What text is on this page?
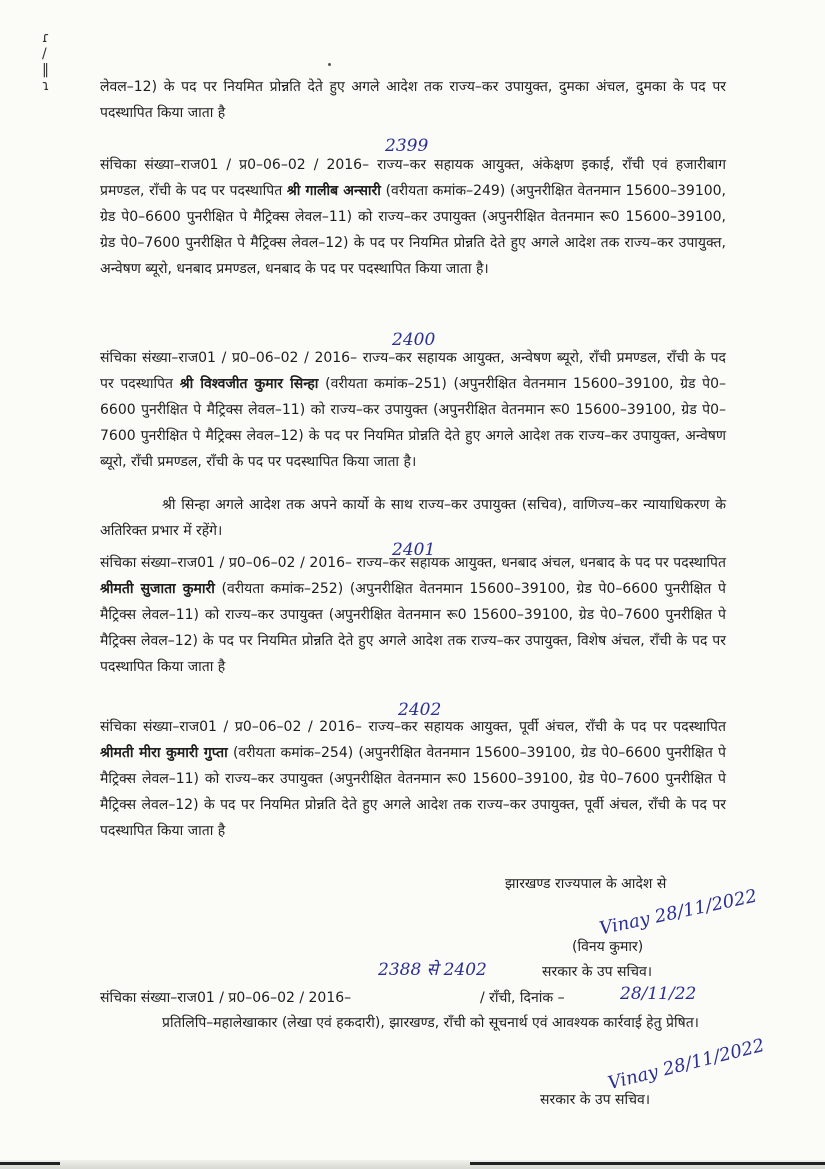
ɾ / ‖ ɿ	लेवल–12) के पद पर नियमित प्रोन्नति देते हुए अगले आदेश तक राज्य–कर उपायुक्त, दुमका अंचल, दुमका के पद पर पदस्थापित किया जाता है

2399

संचिका संख्या–राज01 / प्र0–06–02 / 2016– राज्य–कर सहायक आयुक्त, अंकेक्षण इकाई, राँची एवं हजारीबाग प्रमण्डल, राँची के पद पर पदस्थापित श्री गालीब अन्सारी (वरीयता कमांक–249) (अपुनरीक्षित वेतनमान 15600–39100, ग्रेड पे0–6600 पुनरीक्षित पे मैट्रिक्स लेवल–11) को राज्य–कर उपायुक्त (अपुनरीक्षित वेतनमान रू0 15600–39100, ग्रेड पे0–7600 पुनरीक्षित पे मैट्रिक्स लेवल–12) के पद पर नियमित प्रोन्नति देते हुए अगले आदेश तक राज्य–कर उपायुक्त, अन्वेषण ब्यूरो, धनबाद प्रमण्डल, धनबाद के पद पर पदस्थापित किया जाता है।

2400

संचिका संख्या–राज01 / प्र0–06–02 / 2016– राज्य–कर सहायक आयुक्त, अन्वेषण ब्यूरो, राँची प्रमण्डल, राँची के पद पर पदस्थापित श्री विश्वजीत कुमार सिन्हा (वरीयता कमांक–251) (अपुनरीक्षित वेतनमान 15600–39100, ग्रेड पे0–6600 पुनरीक्षित पे मैट्रिक्स लेवल–11) को राज्य–कर उपायुक्त (अपुनरीक्षित वेतनमान रू0 15600–39100, ग्रेड पे0–7600 पुनरीक्षित पे मैट्रिक्स लेवल–12) के पद पर नियमित प्रोन्नति देते हुए अगले आदेश तक राज्य–कर उपायुक्त, अन्वेषण ब्यूरो, राँची प्रमण्डल, राँची के पद पर पदस्थापित किया जाता है।

श्री सिन्हा अगले आदेश तक अपने कार्यो के साथ राज्य–कर उपायुक्त (सचिव), वाणिज्य–कर न्यायाधिकरण के अतिरिक्त प्रभार में रहेंगे।

2401

संचिका संख्या–राज01 / प्र0–06–02 / 2016– राज्य–कर सहायक आयुक्त, धनबाद अंचल, धनबाद के पद पर पदस्थापित श्रीमती सुजाता कुमारी (वरीयता कमांक–252) (अपुनरीक्षित वेतनमान 15600–39100, ग्रेड पे0–6600 पुनरीक्षित पे मैट्रिक्स लेवल–11) को राज्य–कर उपायुक्त (अपुनरीक्षित वेतनमान रू0 15600–39100, ग्रेड पे0–7600 पुनरीक्षित पे मैट्रिक्स लेवल–12) के पद पर नियमित प्रोन्नति देते हुए अगले आदेश तक राज्य–कर उपायुक्त, विशेष अंचल, राँची के पद पर पदस्थापित किया जाता है

2402

संचिका संख्या–राज01 / प्र0–06–02 / 2016– राज्य–कर सहायक आयुक्त, पूर्वी अंचल, राँची के पद पर पदस्थापित श्रीमती मीरा कुमारी गुप्ता (वरीयता कमांक–254) (अपुनरीक्षित वेतनमान 15600–39100, ग्रेड पे0–6600 पुनरीक्षित पे मैट्रिक्स लेवल–11) को राज्य–कर उपायुक्त (अपुनरीक्षित वेतनमान रू0 15600–39100, ग्रेड पे0–7600 पुनरीक्षित पे मैट्रिक्स लेवल–12) के पद पर नियमित प्रोन्नति देते हुए अगले आदेश तक राज्य–कर उपायुक्त, पूर्वी अंचल, राँची के पद पर पदस्थापित किया जाता है

झारखण्ड राज्यपाल के आदेश से
Vinay 28/11/2022
(विनय कुमार)
2388 से 2402	सरकार के उप सचिव।
संचिका संख्या–राज01 / प्र0–06–02 / 2016–	/ राँची, दिनांक –	28/11/22

प्रतिलिपि–महालेखाकार (लेखा एवं हकदारी), झारखण्ड, राँची को सूचनार्थ एवं आवश्यक कार्रवाई हेतु प्रेषित।

Vinay 28/11/2022
सरकार के उप सचिव।
